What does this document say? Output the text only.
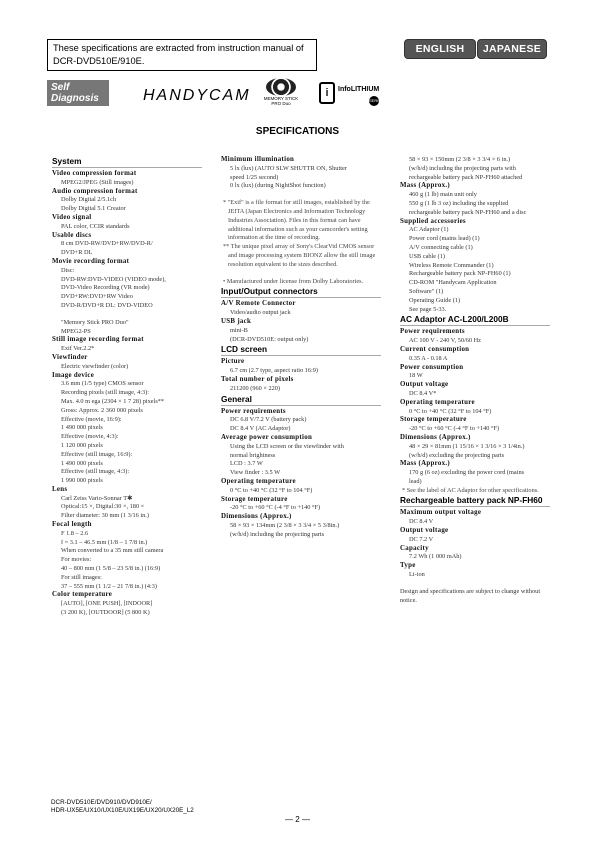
These specifications are extracted from instruction manual of DCR-DVD510E/910E.
ENGLISH	JAPANESE
Self Diagnosis
Supported model
HANDYCAM	MEMORY STICK PRO Duo
i	InfoLITHIUM
SERIES
SPECIFICATIONS
System
Video compression format
MPEG2/JPEG (Still images)
Audio compression format
Dolby Digital 2/5.1ch
Dolby Digital 5.1 Creator
Video signal
PAL color, CCIR standards
Usable discs
8 cm DVD-RW/DVD+RW/DVD-R/
DVD+R DL
Movie recording format
Disc:
DVD-RW:DVD-VIDEO (VIDEO mode),
DVD-Video Recording (VR mode)
DVD+RW:DVD+RW Video
DVD-R/DVD+R DL: DVD-VIDEO
"Memory Stick PRO Duo"
MPEG2-PS
Still image recording format
Exif Ver.2.2*
Viewfinder
Electric viewfinder (color)
Image device
3.6 mm (1/5 type) CMOS sensor
Recording pixels (still image, 4:3):
Max. 4.0 m ega (2304 × 1 7 28) pixels**
Gross: Approx. 2 360 000 pixels
Effective (movie, 16:9):
1 490 000 pixels
Effective (movie, 4:3):
1 120 000 pixels
Effective (still image, 16:9):
1 490 000 pixels
Effective (still image, 4:3):
1 990 000 pixels
Lens
Carl Zeiss Vario-Sonnar T✱
Optical:15 ×, Digital:30 ×, 180 ×
Filter diameter: 30 mm (1 3/16 in.)
Focal length
F 1.8 – 2.6
f = 3.1 – 46.5 mm (1/8 – 1 7/8 in.)
When converted to a 35 mm still camera
For movies:
40 – 800 mm (1 5/8 – 23 5/8 in.) (16:9)
For still images:
37 – 555 mm (1 1/2 – 21 7/8 in.) (4:3)
Color temperature
[AUTO], [ONE PUSH], [INDOOR]
(3 200 K), [OUTDOOR] (5 800 K)
Minimum illumination
5 lx (lux) (AUTO SLW SHUTTR ON, Shutter
speed 1/25 second)
0 lx (lux) (during NightShot function)
* "Exif" is a file format for still images, established by the JEITA (Japan Electronics and Information Technology Industries Association). Files in this format can have additional information such as your camcorder's setting information at the time of recording.
** The unique pixel array of Sony's ClearVid CMOS sensor and image processing system BIONZ allow the still image resolution equivalent to the sizes described.
• Manufactured under license from Dolby Laboratories.
Input/Output connectors
A/V Remote Connector
Video/audio output jack
USB jack
mini-B
(DCR-DVD510E: output only)
LCD screen
Picture
6.7 cm (2.7 type, aspect ratio 16:9)
Total number of pixels
211200 (960 × 220)
General
Power requirements
DC 6.8 V/7.2 V (battery pack)
DC 8.4 V (AC Adaptor)
Average power consumption
Using the LCD screen or the viewfinder with
normal brightness
LCD : 3.7 W
View finder : 3.5 W
Operating temperature
0 °C to +40 °C (32 °F to 104 °F)
Storage temperature
-20 °C to +60 °C (-4 °F to +140 °F)
Dimensions (Approx.)
58 × 93 × 134mm (2 3/8 × 3 3/4 × 5 3/8in.)
(w/h/d) including the projecting parts
58 × 93 × 150mm (2 3/8 × 3 3/4 × 6 in.)
(w/h/d) including the projecting parts with
rechargeable battery pack NP-FH60 attached
Mass (Approx.)
460 g (1 lb) main unit only
550 g (1 lb 3 oz) including the supplied
rechargeable battery pack NP-FH60 and a disc
Supplied accessories
AC Adaptor (1)
Power cord (mains lead) (1)
A/V connecting cable (1)
USB cable (1)
Wireless Remote Commander (1)
Rechargeable battery pack NP-FH60 (1)
CD-ROM "Handycam Application
Software" (1)
Operating Guide (1)
See page 5-33.
AC Adaptor AC-L200/L200B
Power requirements
AC 100 V - 240 V, 50/60 Hz
Current consumption
0.35 A - 0.18 A
Power consumption
18 W
Output voltage
DC 8.4 V*
Operating temperature
0 °C to +40 °C (32 °F to 104 °F)
Storage temperature
-20 °C to +60 °C (-4 °F to +140 °F)
Dimensions (Approx.)
48 × 29 × 81mm (1 15/16 × 1 3/16 × 3 1/4in.)
(w/h/d) excluding the projecting parts
Mass (Approx.)
170 g (6 oz) excluding the power cord (mains
lead)
* See the label of AC Adaptor for other specifications.
Rechargeable battery pack NP-FH60
Maximum output voltage
DC 8.4 V
Output voltage
DC 7.2 V
Capacity
7.2 Wh (1 000 mAh)
Type
Li-ion
Design and specifications are subject to change without notice.
DCR-DVD510E/DVD910/DVD910E/
HDR-UX5E/UX10/UX10E/UX19E/UX20/UX20E_L2
— 2 —
